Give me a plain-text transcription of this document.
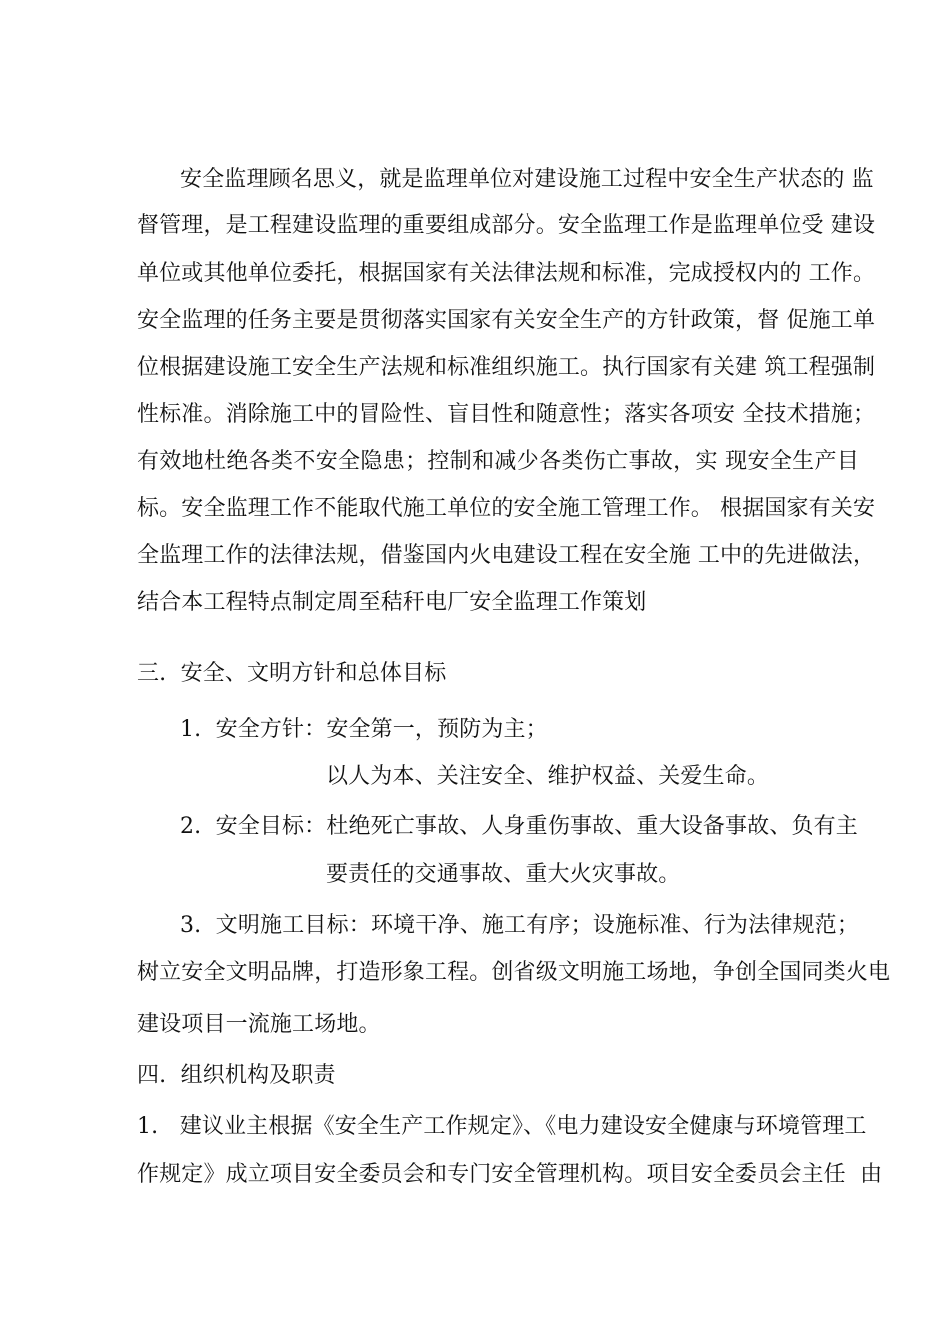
安全监理顾名思义，就是监理单位对建设施工过程中安全生产状态的 监
督管理，是工程建设监理的重要组成部分。安全监理工作是监理单位受 建设
单位或其他单位委托，根据国家有关法律法规和标准，完成授权内的 工作。
安全监理的任务主要是贯彻落实国家有关安全生产的方针政策，督 促施工单
位根据建设施工安全生产法规和标准组织施工。执行国家有关建 筑工程强制
性标准。消除施工中的冒险性、盲目性和随意性；落实各项安 全技术措施；
有效地杜绝各类不安全隐患；控制和减少各类伤亡事故，实 现安全生产目
标。安全监理工作不能取代施工单位的安全施工管理工作。 根据国家有关安
全监理工作的法律法规，借鉴国内火电建设工程在安全施 工中的先进做法，
结合本工程特点制定周至秸秆电厂安全监理工作策划
三.  安全、文明方针和总体目标
1.  安全方针：安全第一，预防为主；
以人为本、关注安全、维护权益、关爱生命。
2.  安全目标：杜绝死亡事故、人身重伤事故、重大设备事故、负有主
要责任的交通事故、重大火灾事故。
3.  文明施工目标：环境干净、施工有序；设施标准、行为法律规范；
树立安全文明品牌，打造形象工程。创省级文明施工场地，争创全国同类火电
建设项目一流施工场地。
四.  组织机构及职责
1.   建议业主根据《安全生产工作规定》、《电力建设安全健康与环境管理工
作规定》成立项目安全委员会和专门安全管理机构。项目安全委员会主任  由
